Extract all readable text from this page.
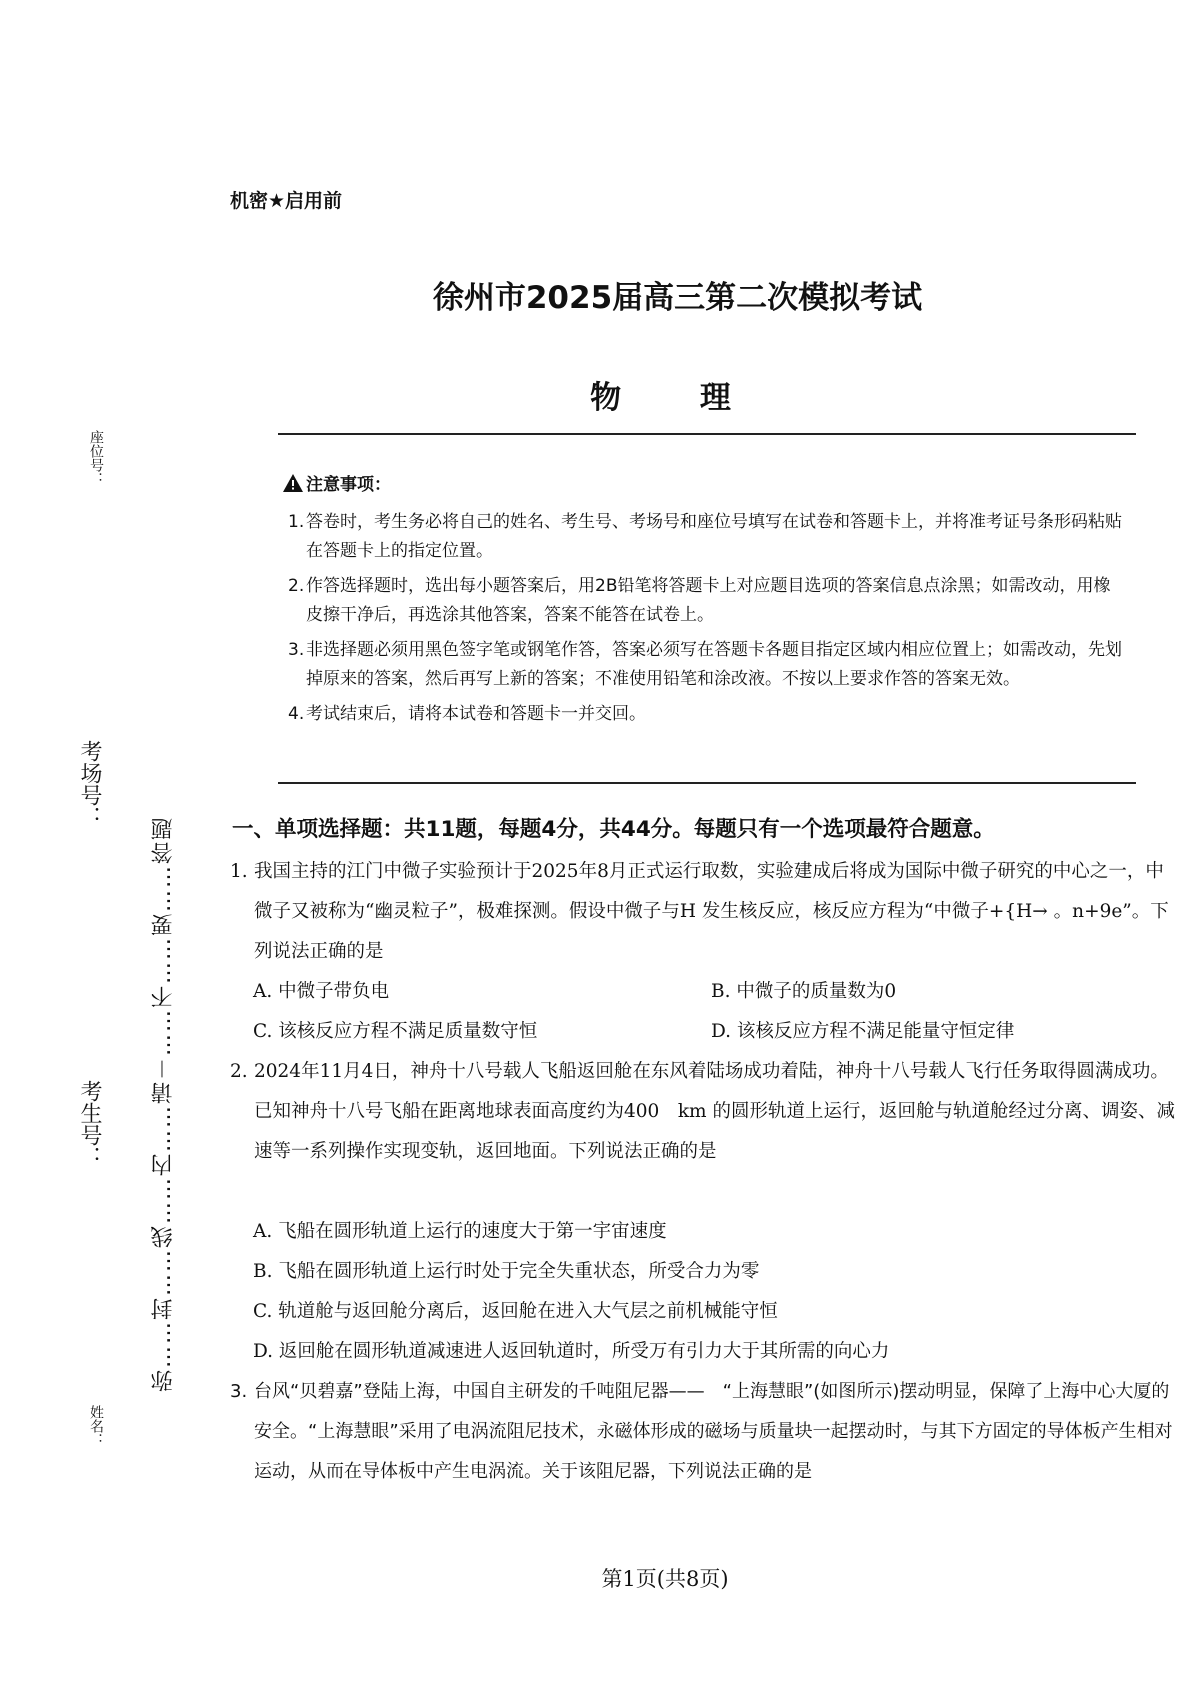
座位号：
考场号：
考生号：
姓名：
弥……封……线……内……请－……不……要……答题
机密★启用前
徐州市2025届高三第二次模拟考试
物 理
注意事项：
1. 答卷时，考生务必将自己的姓名、考生号、考场号和座位号填写在试卷和答题卡上，并将准考证号条形码粘贴在答题卡上的指定位置。
2. 作答选择题时，选出每小题答案后，用2B铅笔将答题卡上对应题目选项的答案信息点涂黑；如需改动，用橡皮擦干净后，再选涂其他答案，答案不能答在试卷上。
3. 非选择题必须用黑色签字笔或钢笔作答，答案必须写在答题卡各题目指定区域内相应位置上；如需改动，先划掉原来的答案，然后再写上新的答案；不准使用铅笔和涂改液。不按以上要求作答的答案无效。
4. 考试结束后，请将本试卷和答题卡一并交回。
一、单项选择题：共11题，每题4分，共44分。每题只有一个选项最符合题意。
1. 我国主持的江门中微子实验预计于2025年8月正式运行取数，实验建成后将成为国际中微子研究的中心之一，中微子又被称为“幽灵粒子”，极难探测。假设中微子与H 发生核反应，核反应方程为“中微子+{H→ 。n+9e”。下列说法正确的是
A. 中微子带负电	B. 中微子的质量数为0
C. 该核反应方程不满足质量数守恒	D. 该核反应方程不满足能量守恒定律
2. 2024年11月4日，神舟十八号载人飞船返回舱在东风着陆场成功着陆，神舟十八号载人飞行任务取得圆满成功。已知神舟十八号飞船在距离地球表面高度约为400　km 的圆形轨道上运行，返回舱与轨道舱经过分离、调姿、减速等一系列操作实现变轨，返回地面。下列说法正确的是
A. 飞船在圆形轨道上运行的速度大于第一宇宙速度
B. 飞船在圆形轨道上运行时处于完全失重状态，所受合力为零
C. 轨道舱与返回舱分离后，返回舱在进入大气层之前机械能守恒
D. 返回舱在圆形轨道减速进人返回轨道时，所受万有引力大于其所需的向心力
3. 台风“贝碧嘉”登陆上海，中国自主研发的千吨阻尼器——　“上海慧眼”(如图所示)摆动明显，保障了上海中心大厦的安全。“上海慧眼”采用了电涡流阻尼技术，永磁体形成的磁场与质量块一起摆动时，与其下方固定的导体板产生相对运动，从而在导体板中产生电涡流。关于该阻尼器，下列说法正确的是
第1页(共8页)
